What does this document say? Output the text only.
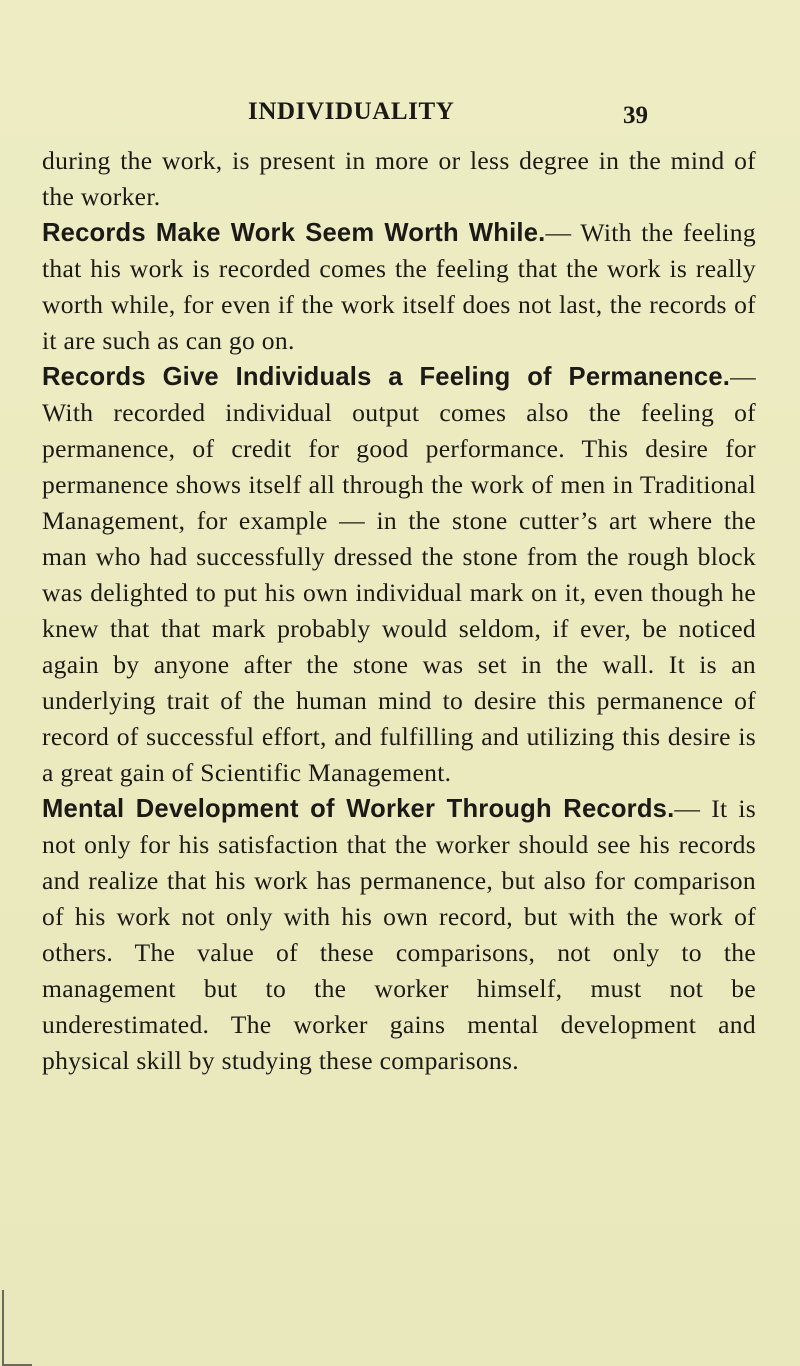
INDIVIDUALITY	39

during the work, is present in more or less degree in the mind of the worker.

Records Make Work Seem Worth While.— With the feeling that his work is recorded comes the feeling that the work is really worth while, for even if the work itself does not last, the records of it are such as can go on.

Records Give Individuals a Feeling of Permanence.— With recorded individual output comes also the feeling of permanence, of credit for good performance. This desire for permanence shows itself all through the work of men in Traditional Management, for example — in the stone cutter’s art where the man who had successfully dressed the stone from the rough block was delighted to put his own individual mark on it, even though he knew that that mark probably would seldom, if ever, be noticed again by anyone after the stone was set in the wall. It is an underlying trait of the human mind to desire this permanence of record of successful effort, and fulfilling and utilizing this desire is a great gain of Scientific Management.

Mental Development of Worker Through Records.— It is not only for his satisfaction that the worker should see his records and realize that his work has permanence, but also for comparison of his work not only with his own record, but with the work of others. The value of these comparisons, not only to the management but to the worker himself, must not be underestimated. The worker gains mental development and physical skill by studying these comparisons.
